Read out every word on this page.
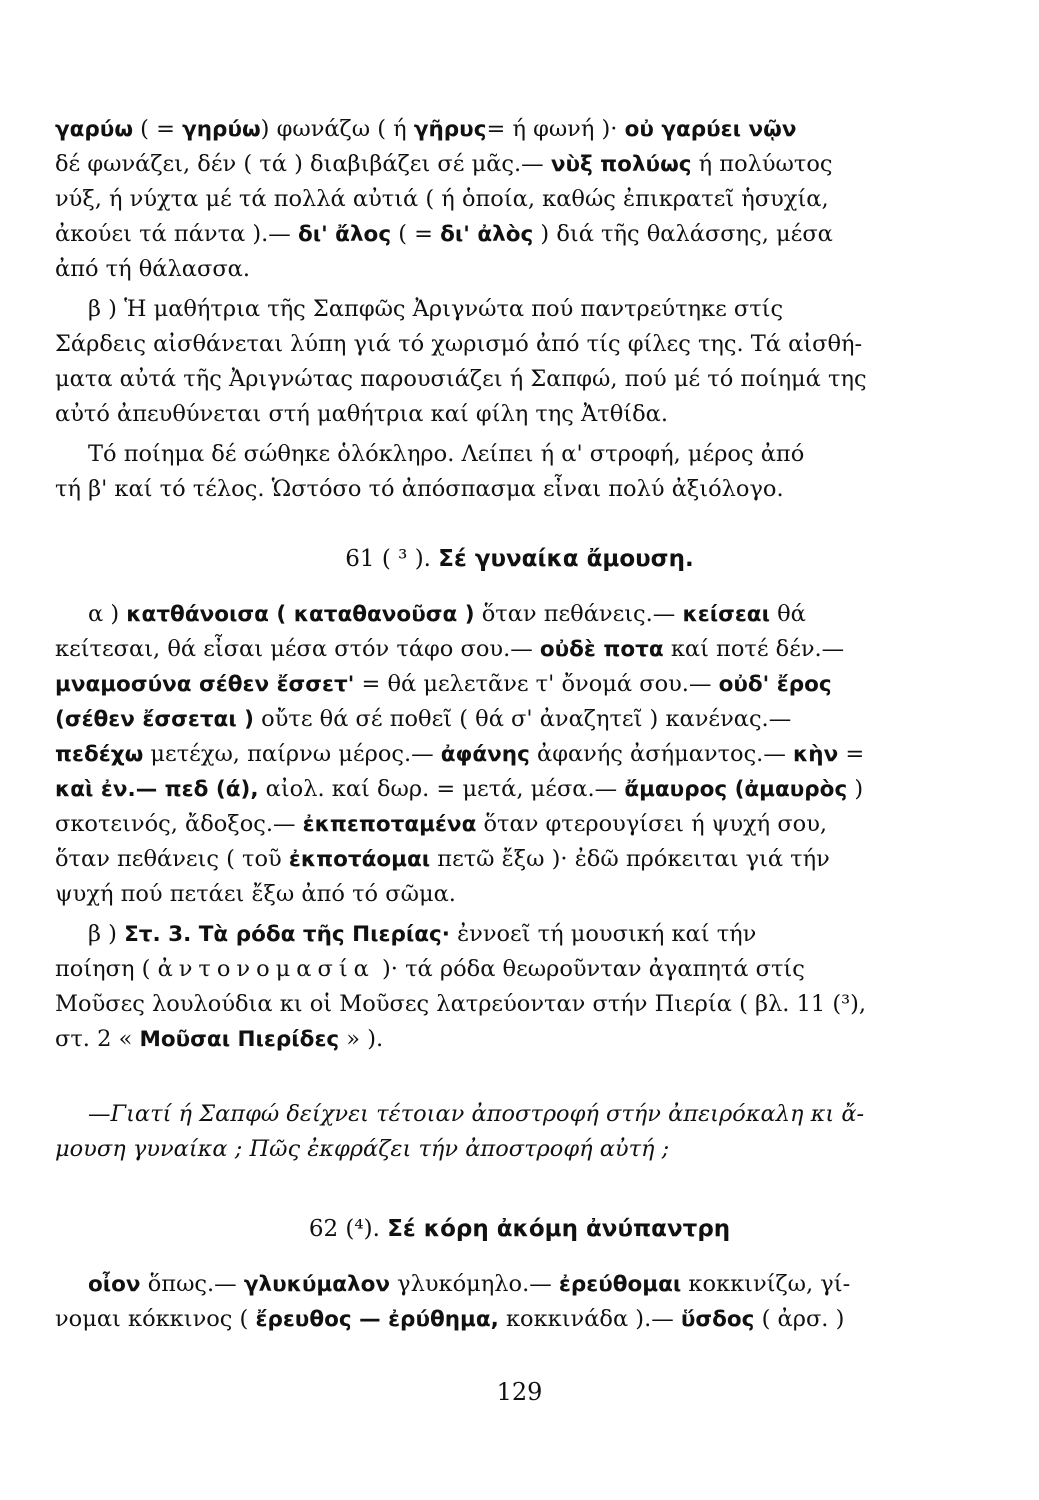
γαρύω ( = γηρύω) φωνάζω ( ή γῆρυς= ή φωνή )· οὐ γαρύει νῷν
δέ φωνάζει, δέν ( τά ) διαβιβάζει σέ μᾶς.— νὺξ πολύως ή πολύωτος
νύξ, ή νύχτα μέ τά πολλά αὐτιά ( ή ὁποία, καθώς ἐπικρατεῖ ἡσυχία,
ἀκούει τά πάντα ).— δι' ἄλος ( = δι' ἀλὸς ) διά τῆς θαλάσσης, μέσα
ἀπό τή θάλασσα.
β ) Ἡ μαθήτρια τῆς Σαπφῶς Ἀριγνώτα πού παντρεύτηκε στίς
Σάρδεις αἰσθάνεται λύπη γιά τό χωρισμό ἀπό τίς φίλες της. Τά αἰσθή-
ματα αὐτά τῆς Ἀριγνώτας παρουσιάζει ή Σαπφώ, πού μέ τό ποίημά της
αὐτό ἀπευθύνεται στή μαθήτρια καί φίλη της Ἀτθίδα.
Τό ποίημα δέ σώθηκε ὁλόκληρο. Λείπει ή α' στροφή, μέρος ἀπό
τή β' καί τό τέλος. Ὡστόσο τό ἀπόσπασμα εἶναι πολύ ἀξιόλογο.
61 ( ³ ). Σέ γυναίκα ἄμουση.
α ) κατθάνοισα ( καταθανοῦσα ) ὅταν πεθάνεις.— κείσεαι θά
κείτεσαι, θά εἶσαι μέσα στόν τάφο σου.— οὐδὲ ποτα καί ποτέ δέν.—
μναμοσύνα σέθεν ἔσσετ' = θά μελετᾶνε τ' ὄνομά σου.— οὐδ' ἔρος
(σέθεν ἔσσεται ) οὔτε θά σέ ποθεῖ ( θά σ' ἀναζητεῖ ) κανένας.—
πεδέχω μετέχω, παίρνω μέρος.— ἀφάνης ἀφανής ἀσήμαντος.— κὴν =
καὶ ἐν.— πεδ (ά), αἰολ. καί δωρ. = μετά, μέσα.— ἄμαυρος (ἀμαυρὸς )
σκοτεινός, ἄδοξος.— ἐκπεποταμένα ὅταν φτερουγίσει ή ψυχή σου,
ὅταν πεθάνεις ( τοῦ ἐκποτάομαι πετῶ ἔξω )· ἐδῶ πρόκειται γιά τήν
ψυχή πού πετάει ἔξω ἀπό τό σῶμα.
β ) Στ. 3. Τὰ ρόδα τῆς Πιερίας· ἐννοεῖ τή μουσική καί τήν
ποίηση ( ἀντονομασία )· τά ρόδα θεωροῦνταν ἀγαπητά στίς
Μοῦσες λουλούδια κι οἱ Μοῦσες λατρεύονταν στήν Πιερία ( βλ. 11 (³),
στ. 2 « Μοῦσαι Πιερίδες » ).
—Γιατί ή Σαπφώ δείχνει τέτοιαν ἀποστροφή στήν ἀπειρόκαλη κι ἄ-
μουση γυναίκα ; Πῶς ἐκφράζει τήν ἀποστροφή αὐτή ;
62 (⁴). Σέ κόρη ἀκόμη ἀνύπαντρη
οἶον ὅπως.— γλυκύμαλον γλυκόμηλο.— ἐρεύθομαι κοκκινίζω, γί-
νομαι κόκκινος ( ἔρευθος — ἐρύθημα, κοκκινάδα ).— ὕσδος ( ἀρσ. )
129
